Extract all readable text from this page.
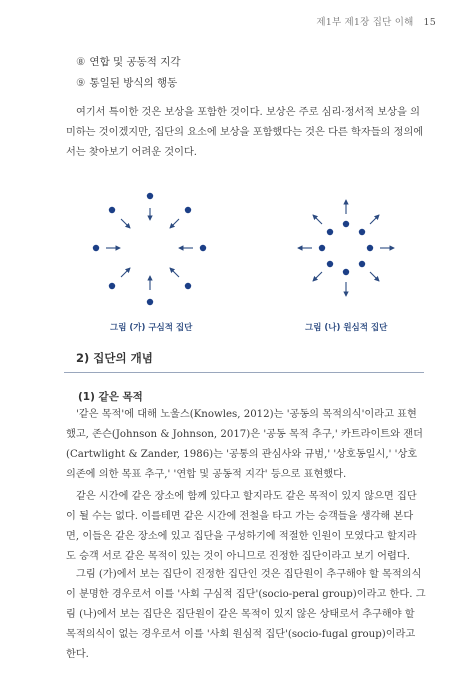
제1부 제1장 집단 이해 15
⑧ 연합 및 공동적 지각
⑨ 통일된 방식의 행동

여기서 특이한 것은 보상을 포함한 것이다. 보상은 주로 심리·정서적 보상을 의미하는 것이겠지만, 집단의 요소에 보상을 포함했다는 것은 다른 학자들의 정의에서는 찾아보기 어려운 것이다.

그림 (가) 구심적 집단	그림 (나) 원심적 집단
2) 집단의 개념
(1) 같은 목적

'같은 목적'에 대해 노울스(Knowles, 2012)는 '공동의 목적의식'이라고 표현했고, 존슨(Johnson & Johnson, 2017)은 '공동 목적 추구,' 카트라이트와 잰더(Cartwlight & Zander, 1986)는 '공통의 관심사와 규범,' '상호동일시,' '상호의존에 의한 목표 추구,' '연합 및 공동적 지각' 등으로 표현했다.

같은 시간에 같은 장소에 함께 있다고 할지라도 같은 목적이 있지 않으면 집단이 될 수는 없다. 이를테면 같은 시간에 전철을 타고 가는 승객들을 생각해 본다면, 이들은 같은 장소에 있고 집단을 구성하기에 적절한 인원이 모였다고 할지라도 승객 서로 같은 목적이 있는 것이 아니므로 진정한 집단이라고 보기 어렵다.

그림 (가)에서 보는 집단이 진정한 집단인 것은 집단원이 추구해야 할 목적의식이 분명한 경우로서 이를 '사회 구심적 집단'(socio-peral group)이라고 한다. 그림 (나)에서 보는 집단은 집단원이 같은 목적이 있지 않은 상태로서 추구해야 할 목적의식이 없는 경우로서 이를 '사회 원심적 집단'(socio-fugal group)이라고 한다.
